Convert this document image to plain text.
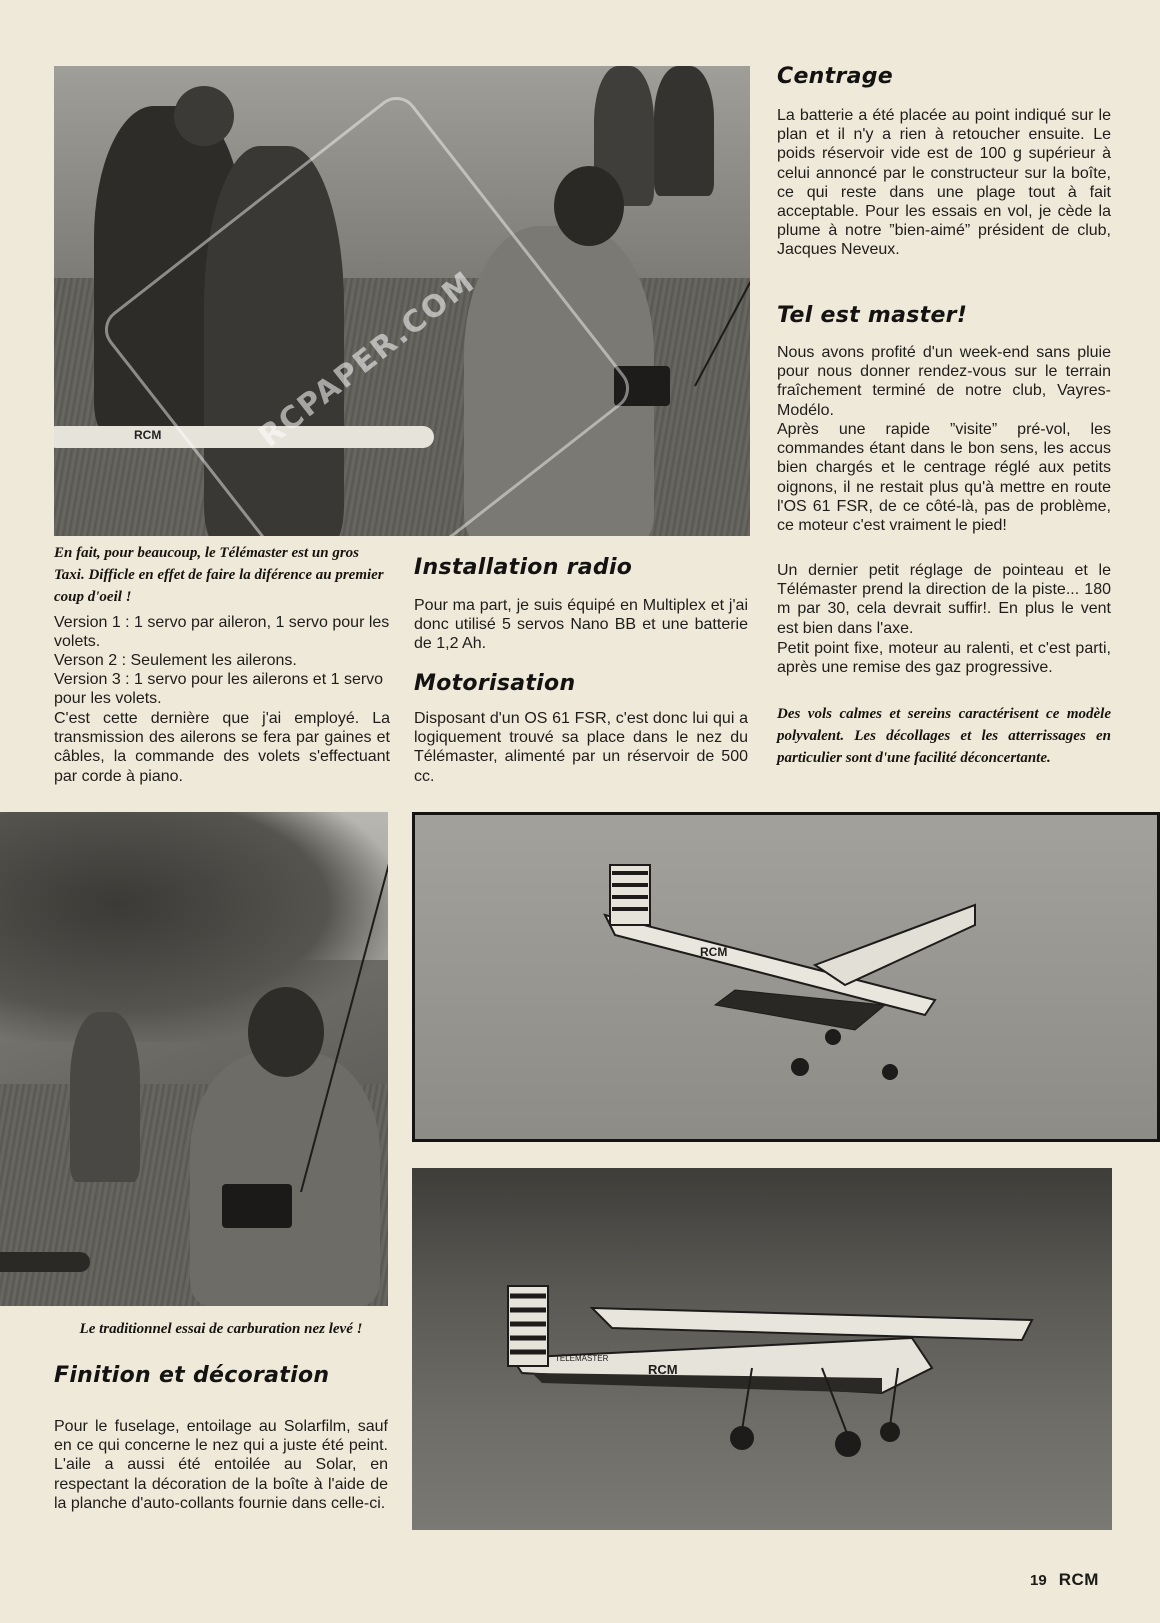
RCM	RCPAPER.COM
Centrage

La batterie a été placée au point indiqué sur le plan et il n'y a rien à retoucher ensuite. Le poids réservoir vide est de 100 g supérieur à celui annoncé par le constructeur sur la boîte, ce qui reste dans une plage tout à fait acceptable. Pour les essais en vol, je cède la plume à notre ”bien-aimé” président de club, Jacques Neveux.

Tel est master!

Nous avons profité d'un week-end sans pluie pour nous donner rendez-vous sur le terrain fraîchement terminé de notre club, Vayres-Modélo.

Après une rapide ”visite” pré-vol, les commandes étant dans le bon sens, les accus bien chargés et le centrage réglé aux petits oignons, il ne restait plus qu'à mettre en route l'OS 61 FSR, de ce côté-là, pas de problème, ce moteur c'est vraiment le pied!

Un dernier petit réglage de pointeau et le Télémaster prend la direction de la piste... 180 m par 30, cela devrait suffir!. En plus le vent est bien dans l'axe.

Petit point fixe, moteur au ralenti, et c'est parti, après une remise des gaz progressive.

Des vols calmes et sereins caractérisent ce modèle polyvalent. Les décollages et les atterrissages en particulier sont d'une facilité déconcertante.

En fait, pour beaucoup, le Télémaster est un gros Taxi. Difficle en effet de faire la diférence au premier coup d'oeil !

Version 1 : 1 servo par aileron, 1 servo pour les volets.

Verson 2 : Seulement les ailerons.

Version 3 : 1 servo pour les ailerons et 1 servo pour les volets.

C'est cette dernière que j'ai employé. La transmission des ailerons se fera par gaines et câbles, la commande des volets s'effectuant par corde à piano.

Installation radio

Pour ma part, je suis équipé en Multiplex et j'ai donc utilisé 5 servos Nano BB et une batterie de 1,2 Ah.

Motorisation

Disposant d'un OS 61 FSR, c'est donc lui qui a logiquement trouvé sa place dans le nez du Télémaster, alimenté par un réservoir de 500 cc.

Le traditionnel essai de carburation nez levé !

Finition et décoration

Pour le fuselage, entoilage au Solarfilm, sauf en ce qui concerne le nez qui a juste été peint. L'aile a aussi été entoilée au Solar, en respectant la décoration de la boîte à l'aide de la planche d'auto-collants fournie dans celle-ci.

RCM
RCM
TÉLÉMASTER
19 RCM
